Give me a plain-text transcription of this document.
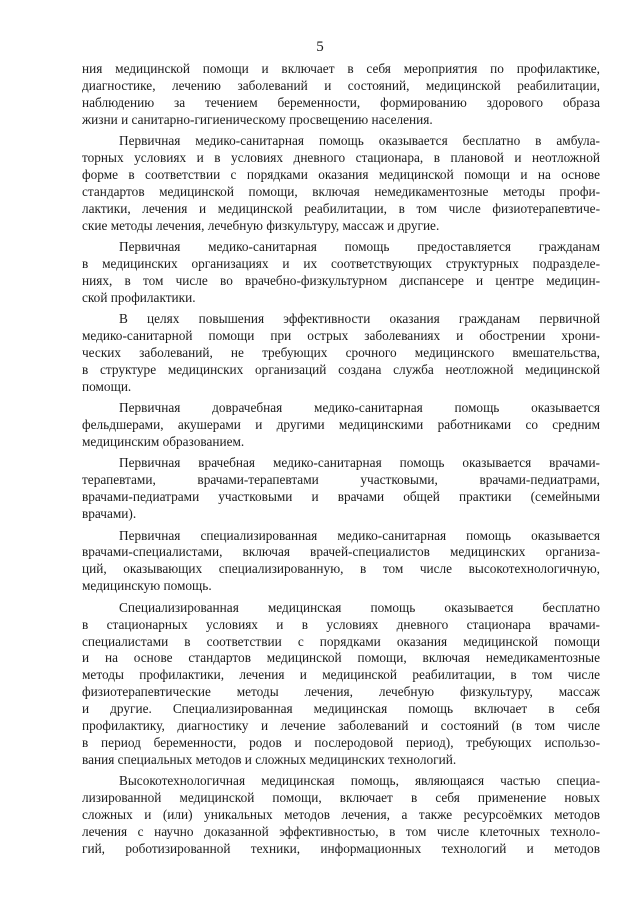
5
ния медицинской помощи и включает в себя мероприятия по профилактике,
диагностике, лечению заболеваний и состояний, медицинской реабилитации,
наблюдению за течением беременности, формированию здорового образа
жизни и санитарно-гигиеническому просвещению населения.
Первичная медико-санитарная помощь оказывается бесплатно в амбула-
торных условиях и в условиях дневного стационара, в плановой и неотложной
форме в соответствии с порядками оказания медицинской помощи и на основе
стандартов медицинской помощи, включая немедикаментозные методы профи-
лактики, лечения и медицинской реабилитации, в том числе физиотерапевтиче-
ские методы лечения, лечебную физкультуру, массаж и другие.
Первичная медико-санитарная помощь предоставляется гражданам
в медицинских организациях и их соответствующих структурных подразделе-
ниях, в том числе во врачебно-физкультурном диспансере и центре медицин-
ской профилактики.
В целях повышения эффективности оказания гражданам первичной
медико-санитарной помощи при острых заболеваниях и обострении хрони-
ческих заболеваний, не требующих срочного медицинского вмешательства,
в структуре медицинских организаций создана служба неотложной медицинской
помощи.
Первичная доврачебная медико-санитарная помощь оказывается
фельдшерами, акушерами и другими медицинскими работниками со средним
медицинским образованием.
Первичная врачебная медико-санитарная помощь оказывается врачами-
терапевтами, врачами-терапевтами участковыми, врачами-педиатрами,
врачами-педиатрами участковыми и врачами общей практики (семейными
врачами).
Первичная специализированная медико-санитарная помощь оказывается
врачами-специалистами, включая врачей-специалистов медицинских организа-
ций, оказывающих специализированную, в том числе высокотехнологичную,
медицинскую помощь.
Специализированная медицинская помощь оказывается бесплатно
в стационарных условиях и в условиях дневного стационара врачами-
специалистами в соответствии с порядками оказания медицинской помощи
и на основе стандартов медицинской помощи, включая немедикаментозные
методы профилактики, лечения и медицинской реабилитации, в том числе
физиотерапевтические методы лечения, лечебную физкультуру, массаж
и другие. Специализированная медицинская помощь включает в себя
профилактику, диагностику и лечение заболеваний и состояний (в том числе
в период беременности, родов и послеродовой период), требующих использо-
вания специальных методов и сложных медицинских технологий.
Высокотехнологичная медицинская помощь, являющаяся частью специа-
лизированной медицинской помощи, включает в себя применение новых
сложных и (или) уникальных методов лечения, а также ресурсоёмких методов
лечения с научно доказанной эффективностью, в том числе клеточных техноло-
гий, роботизированной техники, информационных технологий и методов
